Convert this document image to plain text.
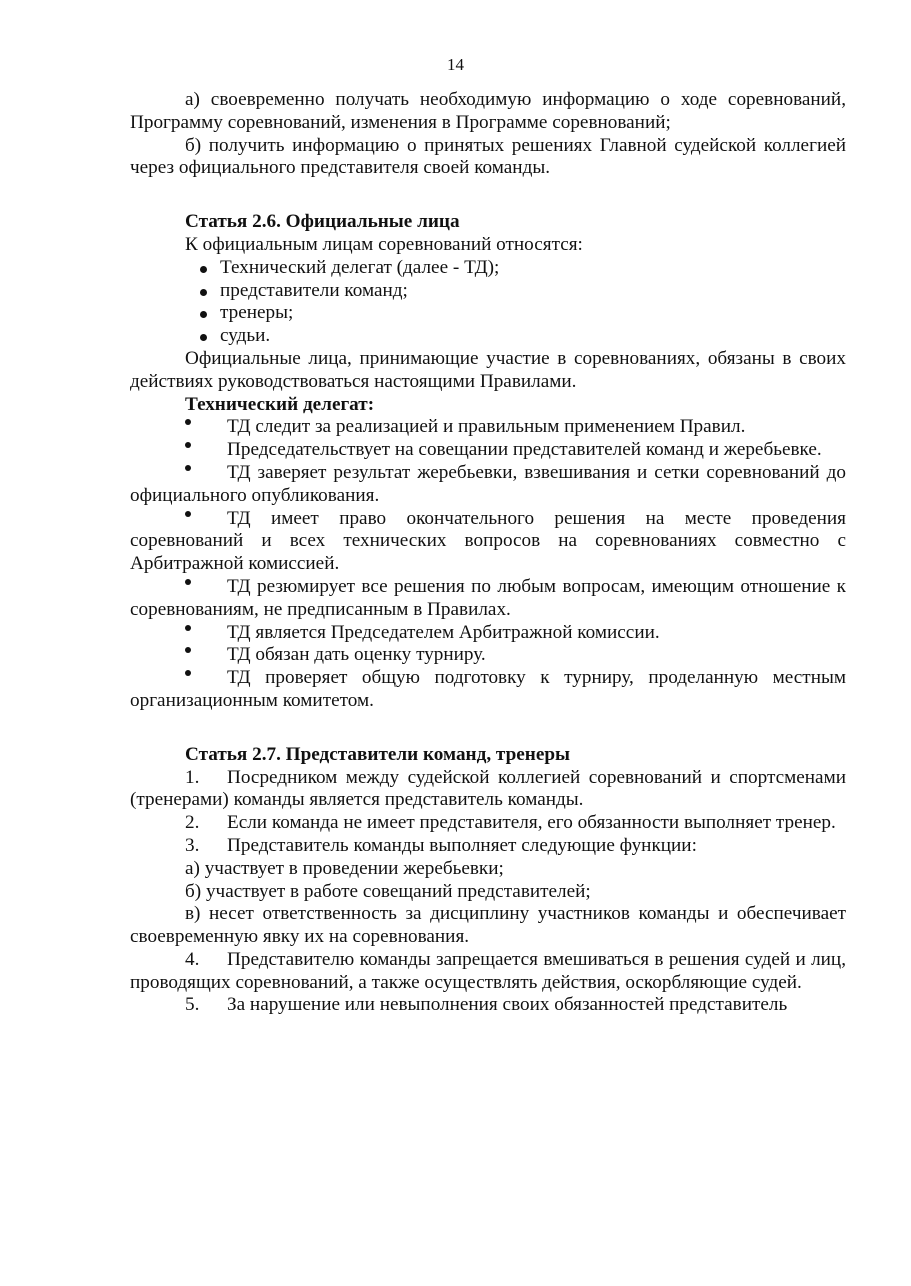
14

а) своевременно получать необходимую информацию о ходе соревнований, Программу соревнований, изменения в Программе соревнований;

б) получить информацию о принятых решениях Главной судейской коллегией через официального представителя своей команды.

Статья 2.6. Официальные лица

К официальным лицам соревнований относятся:

Технический делегат (далее - ТД);
представители команд;
тренеры;
судьи.

Официальные лица, принимающие участие в соревнованиях, обязаны в своих действиях руководствоваться настоящими Правилами.

Технический делегат:

ТД следит за реализацией и правильным применением Правил.

Председательствует на совещании представителей команд и жеребьевке.

ТД заверяет результат жеребьевки, взвешивания и сетки соревнований до официального опубликования.

ТД имеет право окончательного решения на месте проведения соревнований и всех технических вопросов на соревнованиях совместно с Арбитражной комиссией.

ТД резюмирует все решения по любым вопросам, имеющим отношение к соревнованиям, не предписанным в Правилах.

ТД является Председателем Арбитражной комиссии.

ТД обязан дать оценку турниру.

ТД проверяет общую подготовку к турниру, проделанную местным организационным комитетом.

Статья 2.7. Представители команд, тренеры

1. Посредником между судейской коллегией соревнований и спортсменами (тренерами) команды является представитель команды.

2. Если команда не имеет представителя, его обязанности выполняет тренер.

3. Представитель команды выполняет следующие функции:

а) участвует в проведении жеребьевки;

б) участвует в работе совещаний представителей;

в) несет ответственность за дисциплину участников команды и обеспечивает своевременную явку их на соревнования.

4. Представителю команды запрещается вмешиваться в решения судей и лиц, проводящих соревнований, а также осуществлять действия, оскорбляющие судей.

5. За нарушение или невыполнения своих обязанностей представитель
